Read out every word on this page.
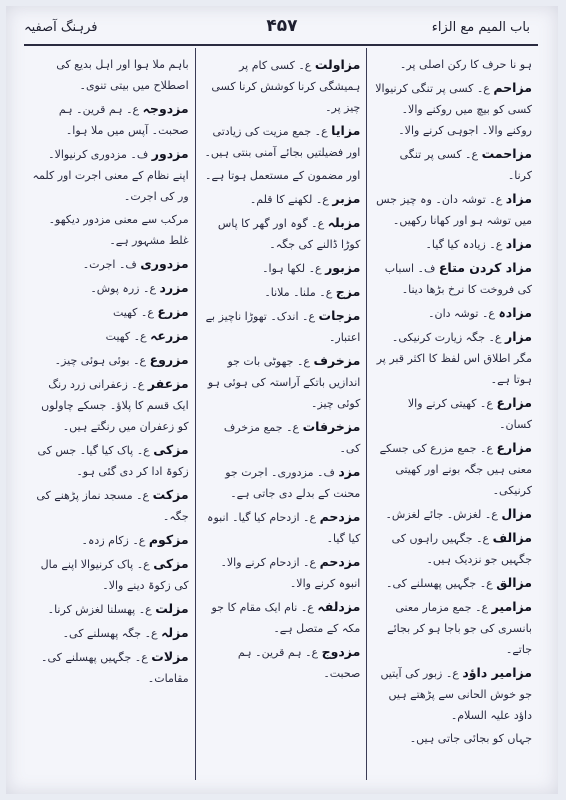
باب المیم مع الزاء
۴۵۷
فرہنگ آصفیہ
ہو نا حرف کا رکن اصلی پر۔
مزاحم ع۔ کسی پر تنگی کرنیوالا کسی کو بیچ میں روکنے والا۔ روکنے والا۔ اجوہی کرنے والا۔
مزاحمت ع۔ کسی پر تنگی کرنا۔
مزاد ع۔ توشہ دان۔ وہ چیز جس میں توشہ ہو اور کھانا رکھیں۔
مزاد ع۔ زیادہ کیا گیا۔
مزاد کردن متاع ف۔ اسباب کی فروخت کا نرخ بڑھا دینا۔
مزادہ ع۔ توشہ دان۔
مزار ع۔ جگہ زیارت کرنیکی۔ مگر اطلاق اس لفظ کا اکثر قبر پر ہوتا ہے۔
مزارع ع۔ کھیتی کرنے والا کسان۔
مزارع ع۔ جمع مزرع کی جسکے معنی ہیں جگہ بونے اور کھیتی کرنیکی۔
مزال ع۔ لغزش۔ جائے لغزش۔
مزالف ع۔ جگہیں راہوں کی جگہیں جو نزدیک ہیں۔
مزالق ع۔ جگہیں پھسلنے کی۔
مزامیر ع۔ جمع مزمار معنی بانسری کی جو باجا ہو کر بجائے جاتے۔
مزامیر داؤد ع۔ زبور کی آیتیں جو خوش الحانی سے پڑھتے ہیں داؤد علیہ السلام۔
جہاں کو بجائی جاتی ہیں۔
مزاولت ع۔ کسی کام پر ہمیشگی کرنا کوشش کرنا کسی چیز پر۔
مزایا ع۔ جمع مزیت کی زیادتی اور فضیلتیں بجائے آمنی بنتی ہیں۔
اور مضمون کے مستعمل ہوتا ہے۔
مزبر ع۔ لکھنے کا قلم۔
مزبلہ ع۔ گوہ اور گھر کا پاس کوڑا ڈالنے کی جگہ۔
مزبور ع۔ لکھا ہوا۔
مزج ع۔ ملنا۔ ملانا۔
مزجات ع۔ اندک۔ تھوڑا ناچیز بے اعتبار۔
مزخرف ع۔ جھوٹی بات جو اندازیں باتکے آراستہ کی ہوئی ہو کوئی چیز۔
مزخرفات ع۔ جمع مزخرف کی۔
مزد ف۔ مزدوری۔ اجرت جو محنت کے بدلے دی جاتی ہے۔
مزدحم ع۔ ازدحام کیا گیا۔ انبوہ کیا گیا۔
مزدحم ع۔ ازدحام کرنے والا۔ انبوہ کرنے والا۔
مزدلفہ ع۔ نام ایک مقام کا جو مکہ کے متصل ہے۔
مزدوج ع۔ ہم قرین۔ ہم صحبت۔
باہم ملا ہوا اور اہل بدیع کی اصطلاح میں بیتی تنوی۔
مزدوجہ ع۔ ہم قرین۔ ہم صحبت۔ آپس میں ملا ہوا۔
مزدور ف۔ مزدوری کرنیوالا۔ اپنے نظام کے معنی اجرت اور کلمہ ور کی اجرت۔
مرکب سے معنی مزدور دیکھو۔ غلط مشہور ہے۔
مزدوری ف۔ اجرت۔
مزرد ع۔ زرہ پوش۔
مزرع ع۔ کھیت
مزرعہ ع۔ کھیت
مزروع ع۔ بوئی ہوئی چیز۔
مزعفر ع۔ زعفرانی زرد رنگ ایک قسم کا پلاؤ۔ جسکے چاولوں کو زعفران میں رنگتے ہیں۔
مزکی ع۔ پاک کیا گیا۔ جس کی زکوۃ ادا کر دی گئی ہو۔
مزکت ع۔ مسجد نماز پڑھنے کی جگہ۔
مزکوم ع۔ زکام زدہ۔
مزکی ع۔ پاک کرنیوالا اپنے مال کی زکوۃ دینے والا۔
مزلت ع۔ پھسلنا لغزش کرنا۔
مزلہ ع۔ جگہ پھسلنے کی۔
مزلات ع۔ جگہیں پھسلنے کی۔ مقامات۔
